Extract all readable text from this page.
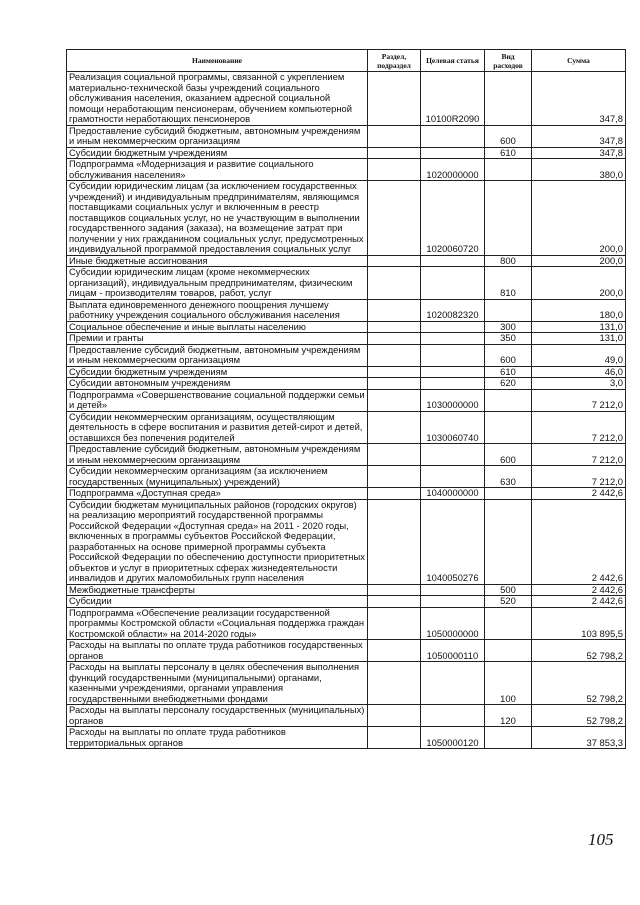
Наименование	Раздел, подраздел	Целевая статья	Вид расходов	Сумма
Реализация социальной программы, связанной с укреплением материально-технической базы учреждений социального обслуживания населения, оказанием адресной социальной помощи неработающим пенсионерам, обучением компьютерной грамотности неработающих пенсионеров		10100R2090		347,8
Предоставление субсидий бюджетным, автономным учреждениям и иным некоммерческим организациям			600	347,8
Субсидии бюджетным учреждениям			610	347,8
Подпрограмма «Модернизация и развитие социального обслуживания населения»		1020000000		380,0
Субсидии юридическим лицам (за исключением государственных учреждений) и индивидуальным предпринимателям, являющимся поставщиками социальных услуг и включенным в реестр поставщиков социальных услуг, но не участвующим в выполнении государственного задания (заказа), на возмещение затрат при получении у них гражданином социальных услуг, предусмотренных индивидуальной программой предоставления социальных услуг		1020060720		200,0
Иные бюджетные ассигнования			800	200,0
Субсидии юридическим лицам (кроме некоммерческих организаций), индивидуальным предпринимателям, физическим лицам - производителям товаров, работ, услуг			810	200,0
Выплата единовременного денежного поощрения лучшему работнику учреждения социального обслуживания населения		1020082320		180,0
Социальное обеспечение и иные выплаты населению			300	131,0
Премии и гранты			350	131,0
Предоставление субсидий бюджетным, автономным учреждениям и иным некоммерческим организациям			600	49,0
Субсидии бюджетным учреждениям			610	46,0
Субсидии автономным учреждениям			620	3,0
Подпрограмма «Совершенствование социальной поддержки семьи и детей»		1030000000		7 212,0
Субсидии некоммерческим организациям, осуществляющим деятельность в сфере воспитания и развития детей-сирот и детей, оставшихся без попечения родителей		1030060740		7 212,0
Предоставление субсидий бюджетным, автономным учреждениям и иным некоммерческим организациям			600	7 212,0
Субсидии некоммерческим организациям (за исключением государственных (муниципальных) учреждений)			630	7 212,0
Подпрограмма «Доступная среда»		1040000000		2 442,6
Субсидии бюджетам муниципальных районов (городских округов) на реализацию мероприятий государственной программы Российской Федерации «Доступная среда» на 2011 - 2020 годы, включенных в программы субъектов Российской Федерации, разработанных на основе примерной программы субъекта Российской Федерации по обеспечению доступности приоритетных объектов и услуг в приоритетных сферах жизнедеятельности инвалидов и других маломобильных групп населения		1040050276		2 442,6
Межбюджетные трансферты			500	2 442,6
Субсидии			520	2 442,6
Подпрограмма «Обеспечение реализации государственной программы Костромской области «Социальная поддержка граждан Костромской области» на 2014-2020 годы»		1050000000		103 895,5
Расходы на выплаты по оплате труда работников государственных органов		1050000110		52 798,2
Расходы на выплаты персоналу в целях обеспечения выполнения функций государственными (муниципальными) органами, казенными учреждениями, органами управления государственными внебюджетными фондами			100	52 798,2
Расходы на выплаты персоналу государственных (муниципальных) органов			120	52 798,2
Расходы на выплаты по оплате труда работников территориальных органов		1050000120		37 853,3
105
